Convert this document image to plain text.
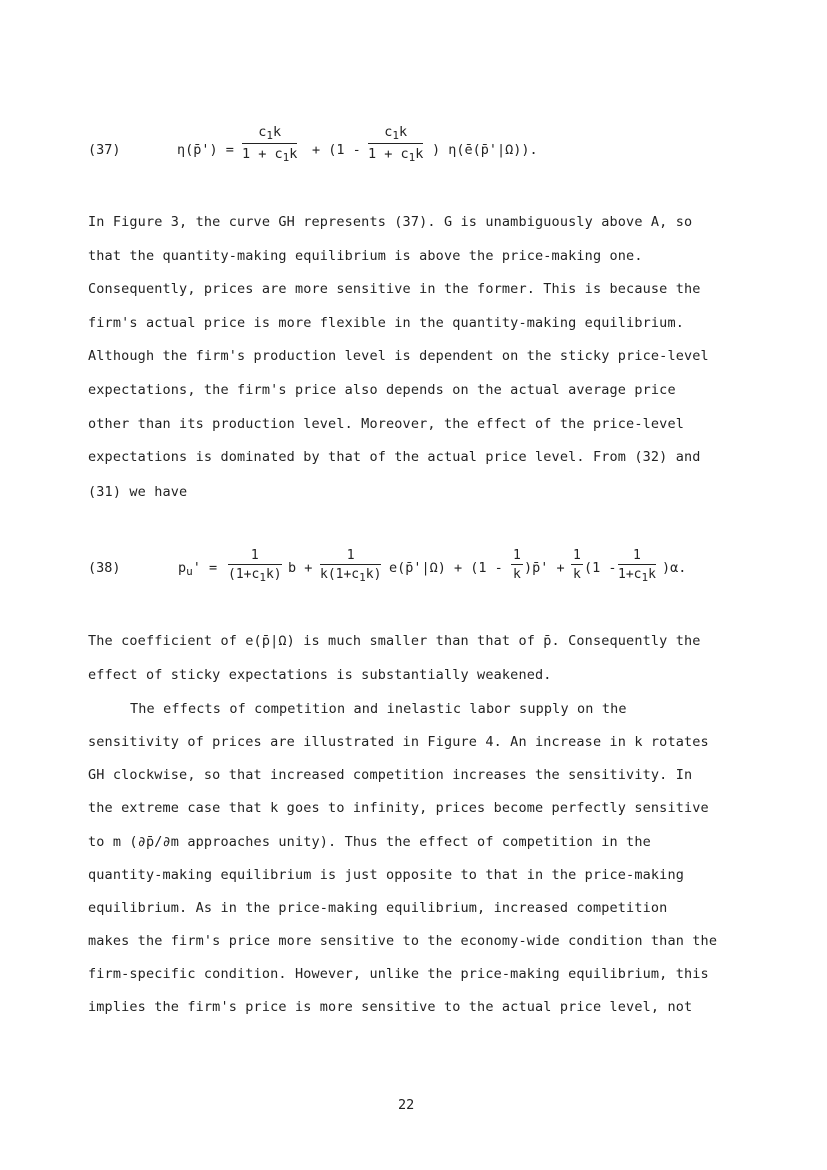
(37)	η(p̄') =
$c_1k$
$1 + c_1k + (1$ -
$c_1k$
$1 + c_1k$ ) η(ē(p̄'|Ω)).
In Figure 3, the curve GH represents (37). G is unambiguously above A, so
that the quantity-making equilibrium is above the price-making one.
Consequently, prices are more sensitive in the former. This is because the
firm's actual price is more flexible in the quantity-making equilibrium.
Although the firm's production level is dependent on the sticky price-level
expectations, the firm's price also depends on the actual average price
other than its production level. Moreover, the effect of the price-level
expectations is dominated by that of the actual price level. From (32) and
(31) we have
(38)	$p_u'$ =
1
$(1+c_1k) b$ +
1
$k(1+c_1k)$ e(p̄'|Ω) + (1 -
1
k )p̄' +
1
k (1 -
1
$1+c_1k$ )α.
The coefficient of e(p̄|Ω) is much smaller than that of p̄. Consequently the
effect of sticky expectations is substantially weakened.
The effects of competition and inelastic labor supply on the
sensitivity of prices are illustrated in Figure 4. An increase in k rotates
GH clockwise, so that increased competition increases the sensitivity. In
the extreme case that k goes to infinity, prices become perfectly sensitive
to m (∂p̄/∂m approaches unity). Thus the effect of competition in the
quantity-making equilibrium is just opposite to that in the price-making
equilibrium. As in the price-making equilibrium, increased competition
makes the firm's price more sensitive to the economy-wide condition than the
firm-specific condition. However, unlike the price-making equilibrium, this
implies the firm's price is more sensitive to the actual price level, not
22
